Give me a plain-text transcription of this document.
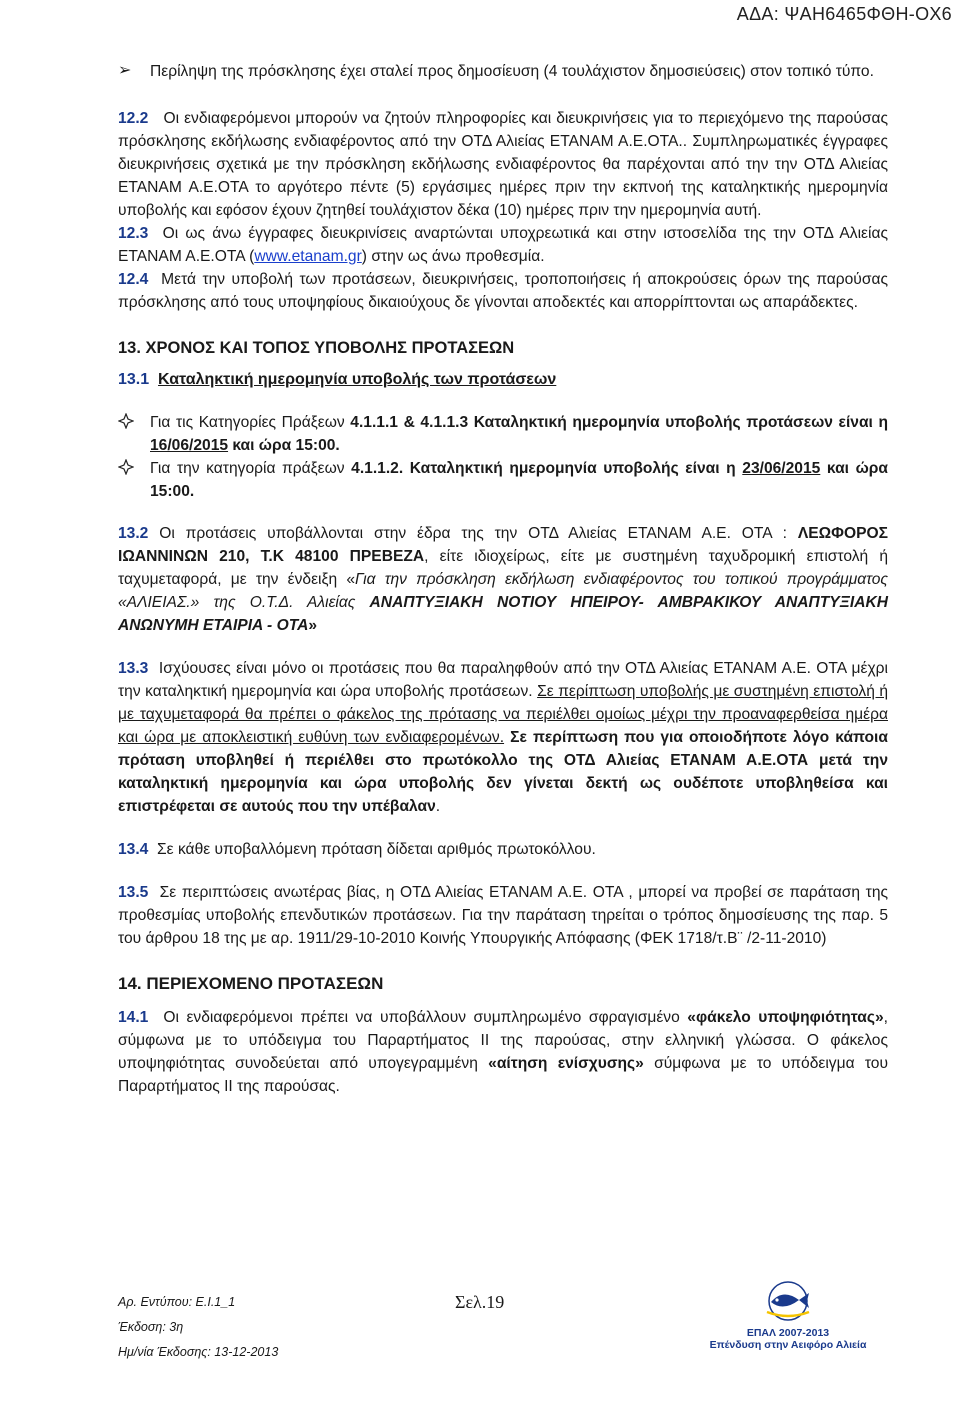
ΑΔΑ: ΨΑΗ6465ΦΘΗ-ΟΧ6
➢ Περίληψη της πρόσκλησης έχει σταλεί προς δημοσίευση (4 τουλάχιστον δημοσιεύσεις) στον τοπικό τύπο.

12.2 Οι ενδιαφερόμενοι μπορούν να ζητούν πληροφορίες και διευκρινήσεις για το περιεχόμενο της παρούσας πρόσκλησης εκδήλωσης ενδιαφέροντος από την ΟΤΔ Αλιείας ΕΤΑΝΑΜ Α.Ε.ΟΤΑ.. Συμπληρωματικές έγγραφες διευκρινήσεις σχετικά με την πρόσκληση εκδήλωσης ενδιαφέροντος θα παρέχονται από την την ΟΤΔ Αλιείας ΕΤΑΝΑΜ Α.Ε.ΟΤΑ το αργότερο πέντε (5) εργάσιμες ημέρες πριν την εκπνοή της καταληκτικής ημερομηνία υποβολής και εφόσον έχουν ζητηθεί τουλάχιστον δέκα (10) ημέρες πριν την ημερομηνία αυτή.

12.3 Οι ως άνω έγγραφες διευκρινίσεις αναρτώνται υποχρεωτικά και στην ιστοσελίδα της την ΟΤΔ Αλιείας ΕΤΑΝΑΜ Α.Ε.ΟΤΑ (www.etanam.gr) στην ως άνω προθεσμία.

12.4 Μετά την υποβολή των προτάσεων, διευκρινήσεις, τροποποιήσεις ή αποκρούσεις όρων της παρούσας πρόσκλησης από τους υποψηφίους δικαιούχους δε γίνονται αποδεκτές και απορρίπτονται ως απαράδεκτες.

13. ΧΡΟΝΟΣ ΚΑΙ ΤΟΠΟΣ ΥΠΟΒΟΛΗΣ ΠΡΟΤΑΣΕΩΝ

13.1 Καταληκτική ημερομηνία υποβολής των προτάσεων

Για τις Κατηγορίες Πράξεων 4.1.1.1 & 4.1.1.3 Καταληκτική ημερομηνία υποβολής προτάσεων είναι η 16/06/2015 και ώρα 15:00.

Για την κατηγορία πράξεων 4.1.1.2. Καταληκτική ημερομηνία υποβολής είναι η 23/06/2015 και ώρα 15:00.

13.2 Οι προτάσεις υποβάλλονται στην έδρα της την ΟΤΔ Αλιείας ΕΤΑΝΑΜ Α.Ε. ΟΤΑ : ΛΕΩΦΟΡΟΣ ΙΩΑΝΝΙΝΩΝ 210, Τ.Κ 48100 ΠΡΕΒΕΖΑ, είτε ιδιοχείρως, είτε με συστημένη ταχυδρομική επιστολή ή ταχυμεταφορά, με την ένδειξη «Για την πρόσκληση εκδήλωση ενδιαφέροντος του τοπικού προγράμματος «ΑΛΙΕΙΑΣ.» της Ο.Τ.Δ. Αλιείας ΑΝΑΠΤΥΞΙΑΚΗ ΝΟΤΙΟΥ ΗΠΕΙΡΟΥ- ΑΜΒΡΑΚΙΚΟΥ ΑΝΑΠΤΥΞΙΑΚΗ ΑΝΩΝΥΜΗ ΕΤΑΙΡΙΑ - ΟΤΑ»

13.3 Ισχύουσες είναι μόνο οι προτάσεις που θα παραληφθούν από την ΟΤΔ Αλιείας ΕΤΑΝΑΜ Α.Ε. ΟΤΑ μέχρι την καταληκτική ημερομηνία και ώρα υποβολής προτάσεων. Σε περίπτωση υποβολής με συστημένη επιστολή ή με ταχυμεταφορά θα πρέπει ο φάκελος της πρότασης να περιέλθει ομοίως μέχρι την προαναφερθείσα ημέρα και ώρα με αποκλειστική ευθύνη των ενδιαφερομένων. Σε περίπτωση που για οποιοδήποτε λόγο κάποια πρόταση υποβληθεί ή περιέλθει στο πρωτόκολλο της ΟΤΔ Αλιείας ΕΤΑΝΑΜ Α.Ε.ΟΤΑ μετά την καταληκτική ημερομηνία και ώρα υποβολής δεν γίνεται δεκτή ως ουδέποτε υποβληθείσα και επιστρέφεται σε αυτούς που την υπέβαλαν.

13.4 Σε κάθε υποβαλλόμενη πρόταση δίδεται αριθμός πρωτοκόλλου.

13.5 Σε περιπτώσεις ανωτέρας βίας, η ΟΤΔ Αλιείας ΕΤΑΝΑΜ Α.Ε. ΟΤΑ , μπορεί να προβεί σε παράταση της προθεσμίας υποβολής επενδυτικών προτάσεων. Για την παράταση τηρείται ο τρόπος δημοσίευσης της παρ. 5 του άρθρου 18 της με αρ. 1911/29-10-2010 Κοινής Υπουργικής Απόφασης (ΦΕΚ 1718/τ.Β¨ /2-11-2010)

14. ΠΕΡΙΕΧΟΜΕΝΟ ΠΡΟΤΑΣΕΩΝ

14.1 Οι ενδιαφερόμενοι πρέπει να υποβάλλουν συμπληρωμένο σφραγισμένο «φάκελο υποψηφιότητας», σύμφωνα με το υπόδειγμα του Παραρτήματος ΙΙ της παρούσας, στην ελληνική γλώσσα. Ο φάκελος υποψηφιότητας συνοδεύεται από υπογεγραμμένη «αίτηση ενίσχυσης» σύμφωνα με το υπόδειγμα του Παραρτήματος ΙΙ της παρούσας.

Αρ. Εντύπου: Ε.Ι.1_1
Έκδοση: 3η
Ημ/νία Έκδοσης: 13-12-2013
Σελ.19
ΕΠΑΛ 2007-2013
Επένδυση στην Αειφόρο Αλιεία
